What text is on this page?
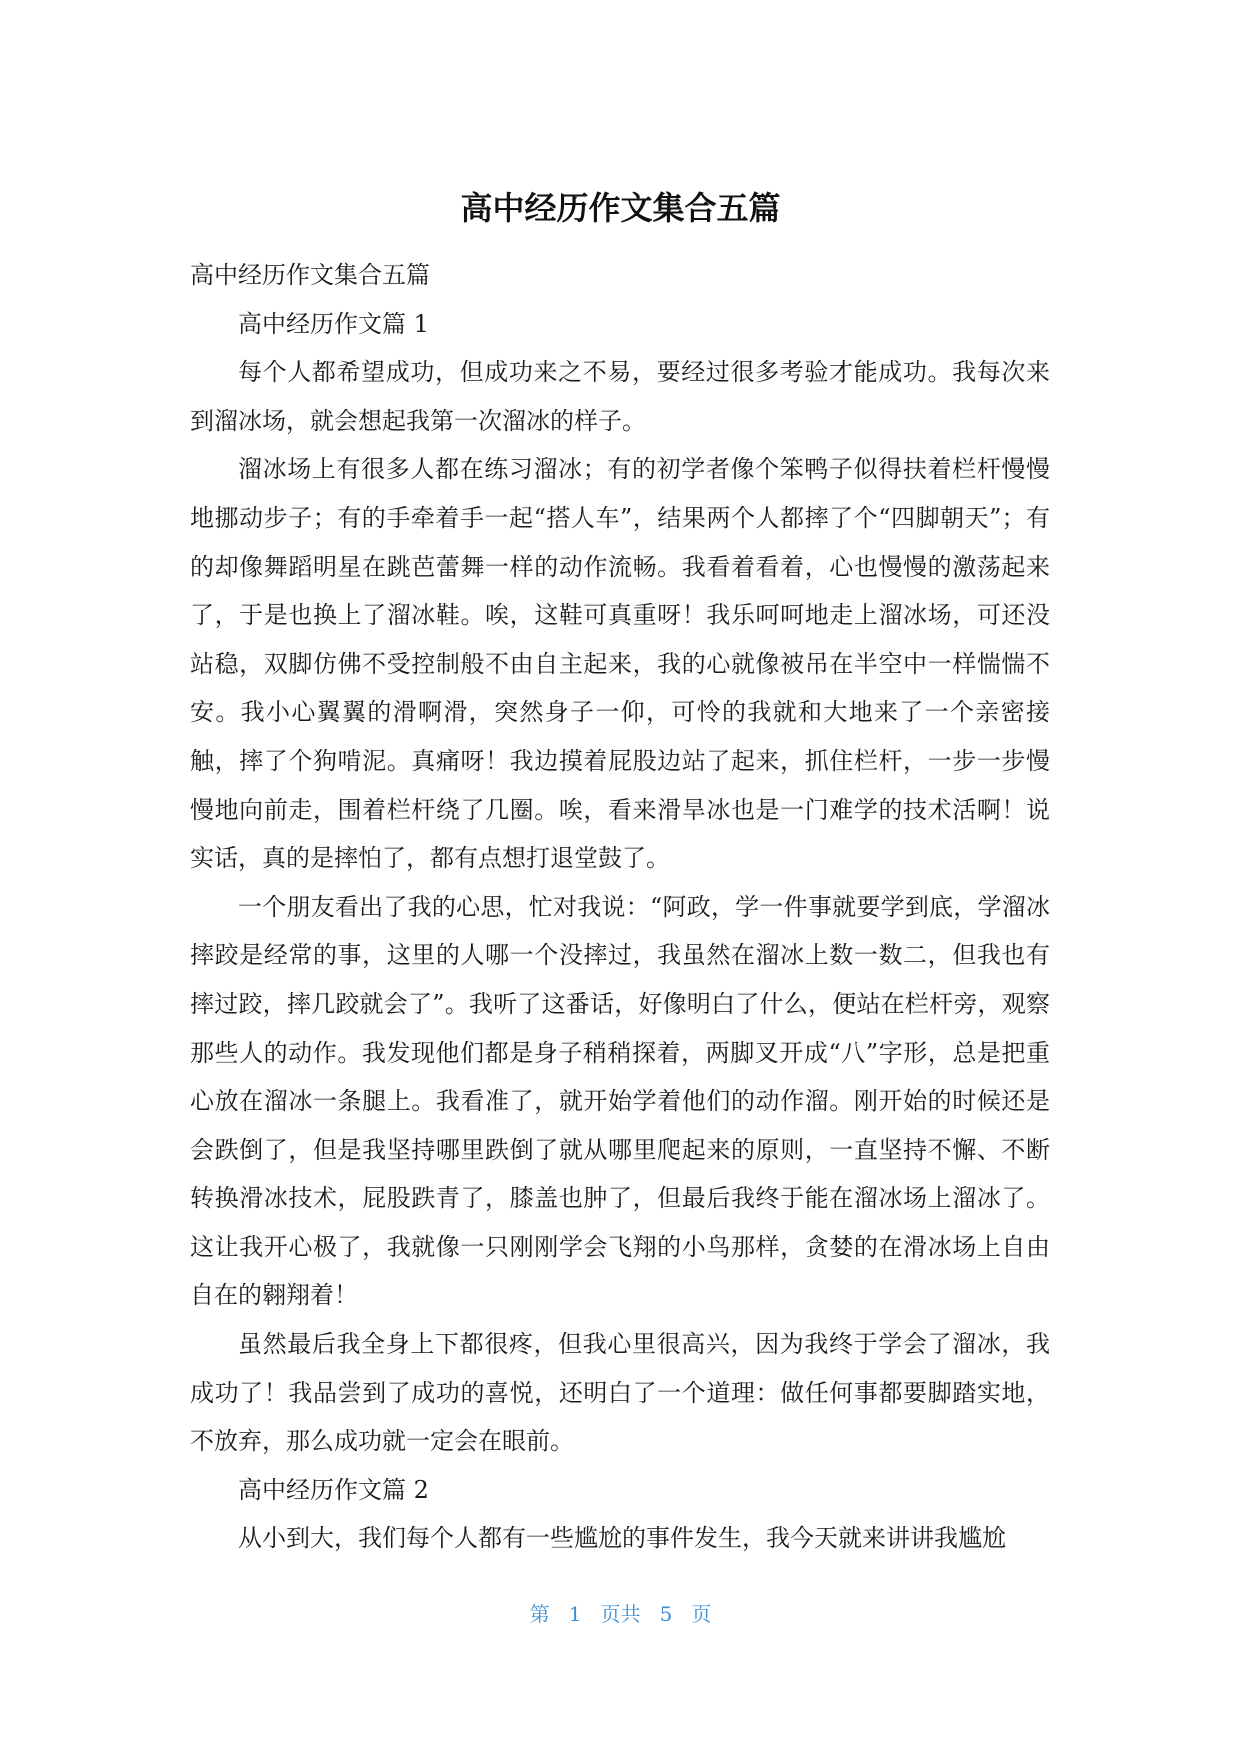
高中经历作文集合五篇

高中经历作文集合五篇

高中经历作文篇 1

每个人都希望成功，但成功来之不易，要经过很多考验才能成功。我每次来到溜冰场，就会想起我第一次溜冰的样子。

溜冰场上有很多人都在练习溜冰；有的初学者像个笨鸭子似得扶着栏杆慢慢地挪动步子；有的手牵着手一起“搭人车”，结果两个人都摔了个“四脚朝天”；有的却像舞蹈明星在跳芭蕾舞一样的动作流畅。我看着看着，心也慢慢的激荡起来了，于是也换上了溜冰鞋。唉，这鞋可真重呀！我乐呵呵地走上溜冰场，可还没站稳，双脚仿佛不受控制般不由自主起来，我的心就像被吊在半空中一样惴惴不安。我小心翼翼的滑啊滑，突然身子一仰，可怜的我就和大地来了一个亲密接触，摔了个狗啃泥。真痛呀！我边摸着屁股边站了起来，抓住栏杆，一步一步慢慢地向前走，围着栏杆绕了几圈。唉，看来滑旱冰也是一门难学的技术活啊！说实话，真的是摔怕了，都有点想打退堂鼓了。

一个朋友看出了我的心思，忙对我说：“阿政，学一件事就要学到底，学溜冰摔跤是经常的事，这里的人哪一个没摔过，我虽然在溜冰上数一数二，但我也有摔过跤，摔几跤就会了”。我听了这番话，好像明白了什么，便站在栏杆旁，观察那些人的动作。我发现他们都是身子稍稍探着，两脚叉开成“八”字形，总是把重心放在溜冰一条腿上。我看准了，就开始学着他们的动作溜。刚开始的时候还是会跌倒了，但是我坚持哪里跌倒了就从哪里爬起来的原则，一直坚持不懈、不断转换滑冰技术，屁股跌青了，膝盖也肿了，但最后我终于能在溜冰场上溜冰了。这让我开心极了，我就像一只刚刚学会飞翔的小鸟那样，贪婪的在滑冰场上自由自在的翱翔着！

虽然最后我全身上下都很疼，但我心里很高兴，因为我终于学会了溜冰，我成功了！我品尝到了成功的喜悦，还明白了一个道理：做任何事都要脚踏实地，不放弃，那么成功就一定会在眼前。

高中经历作文篇 2

从小到大，我们每个人都有一些尴尬的事件发生，我今天就来讲讲我尴尬

第 1 页共 5 页
